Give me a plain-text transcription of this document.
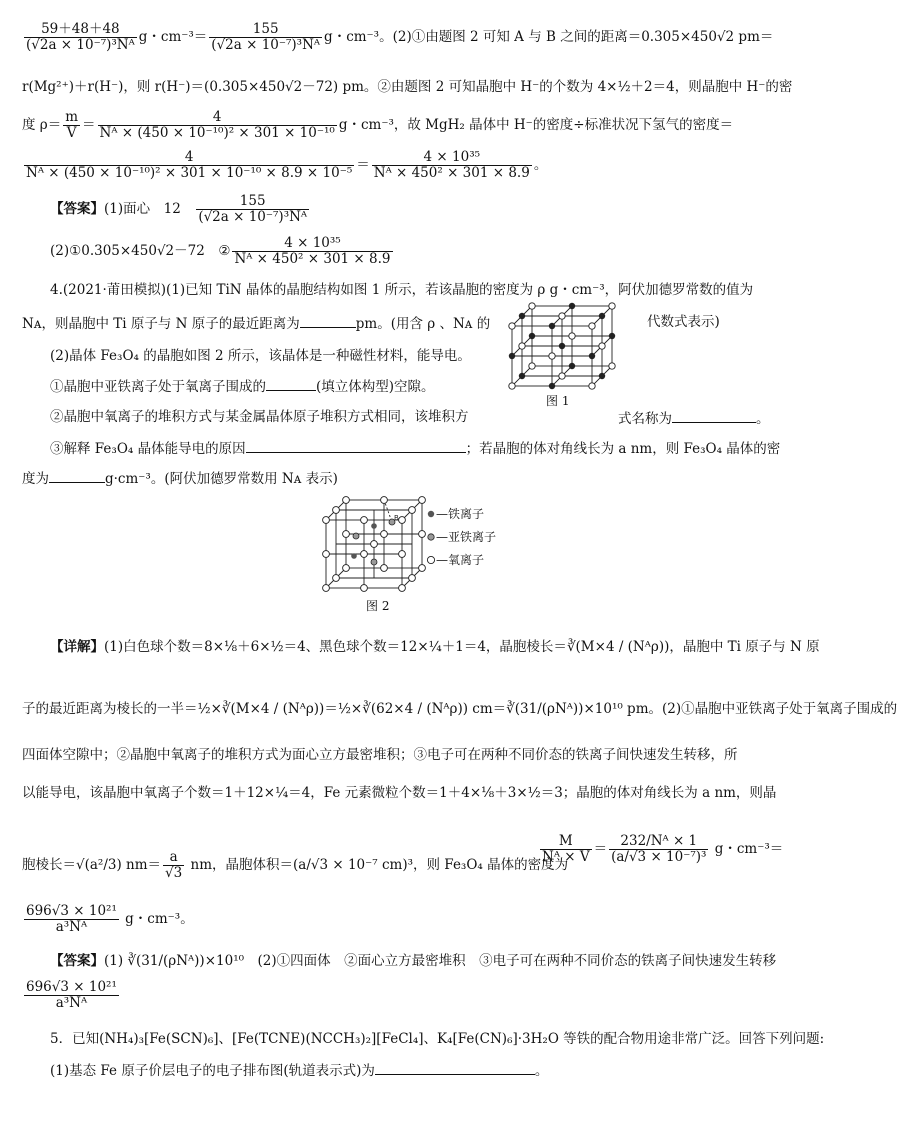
$\frac{59+48+48}{\text{(√2a × 10⁻⁷)³Nᴬ}}$ g・$cm^{-3}= \frac{155}{\text{(√2a × 10⁻⁷)³Nᴬ}}$ g・cm⁻³。(2)①由题图 2 可知 A 与 B 之间的距离＝0.305×450√2 pm＝
r(Mg²⁺)＋r(H⁻)，则 r(H⁻)＝(0.305×450√2－72) pm。②由题图 2 可知晶胞中 H⁻的个数为 4×½＋2＝4，则晶胞中 H⁻的密
度 $\rho= \frac{m}{V} = \frac{4}{\text{Nᴬ × (450 × 10⁻¹⁰)² × 301 × 10⁻¹⁰}}$ g・cm⁻³，故 MgH₂ 晶体中 H⁻的密度÷标准状况下氢气的密度＝
$\frac{4}{\text{Nᴬ × (450 × 10⁻¹⁰)² × 301 × 10⁻¹⁰ × 8.9 × 10⁻⁵}} = \frac{\text{4 × 10³⁵}}{\text{Nᴬ × 450² × 301 × 8.9}}$ 。
【答案】(1)面心　12　 $\frac{155}{\text{(√2a × 10⁻⁷)³Nᴬ}}$
(2)①0.305×450√2－72　② $\frac{\text{4 × 10³⁵}}{\text{Nᴬ × 450² × 301 × 8.9}}$
4.(2021·莆田模拟)(1)已知 TiN 晶体的晶胞结构如图 1 所示，若该晶胞的密度为 ρ g・cm⁻³，阿伏加德罗常数的值为
Nᴀ，则晶胞中 Ti 原子与 N 原子的最近距离为	pm。(用含 ρ 、Nᴀ 的	代数式表示)
(2)晶体 Fe₃O₄ 的晶胞如图 2 所示，该晶体是一种磁性材料，能导电。
①晶胞中亚铁离子处于氧离子围成的	(填立体构型)空隙。
②晶胞中氧离子的堆积方式与某金属晶体原子堆积方式相同，该堆积方	式名称为	。
③解释 Fe₃O₄ 晶体能导电的原因	；若晶胞的体对角线长为 a nm，则 Fe₃O₄ 晶体的密
度为	g·cm⁻³。(阿伏加德罗常数用 Nᴀ 表示)
图 1
B	—铁离子
—亚铁离子
—氧离子
图 2
【详解】(1)白色球个数＝8×⅛＋6×½＝4、黑色球个数＝12×¼＋1＝4，晶胞棱长＝∛(M×4 / (Nᴬρ))，晶胞中 Ti 原子与 N 原
子的最近距离为棱长的一半＝½×∛(M×4 / (Nᴬρ))＝½×∛(62×4 / (Nᴬρ)) cm＝∛(31/(ρNᴬ))×10¹⁰ pm。(2)①晶胞中亚铁离子处于氧离子围成的
四面体空隙中；②晶胞中氧离子的堆积方式为面心立方最密堆积；③电子可在两种不同价态的铁离子间快速发生转移，所
以能导电，该晶胞中氧离子个数＝1＋12×¼＝4，Fe 元素微粒个数＝1＋4×⅛＋3×½＝3；晶胞的体对角线长为 a nm，则晶
胞棱长＝√(a²/3) $nm= \frac{a}{√3}$ nm，晶胞体积＝(a/√3 × 10⁻⁷ cm)³，则 Fe₃O₄ 晶体的密度为
$\frac{M}{\text{Nᴬ × V}} = \frac{\text{232/Nᴬ × 1}}{\text{(a/√3 × 10⁻⁷)³}}$ g・cm⁻³＝
$\frac{\text{696√3 × 10²¹}}{\text{a³Nᴬ}}$ g・cm⁻³。
【答案】(1) ∛(31/(ρNᴬ))×10¹⁰　(2)①四面体　②面心立方最密堆积　③电子可在两种不同价态的铁离子间快速发生转移
$\frac{\text{696√3 × 10²¹}}{\text{a³Nᴬ}}$
5．已知(NH₄)₃[Fe(SCN)₆]、[Fe(TCNE)(NCCH₃)₂][FeCl₄]、K₄[Fe(CN)₆]·3H₂O 等铁的配合物用途非常广泛。回答下列问题:
(1)基态 Fe 原子价层电子的电子排布图(轨道表示式)为	。
